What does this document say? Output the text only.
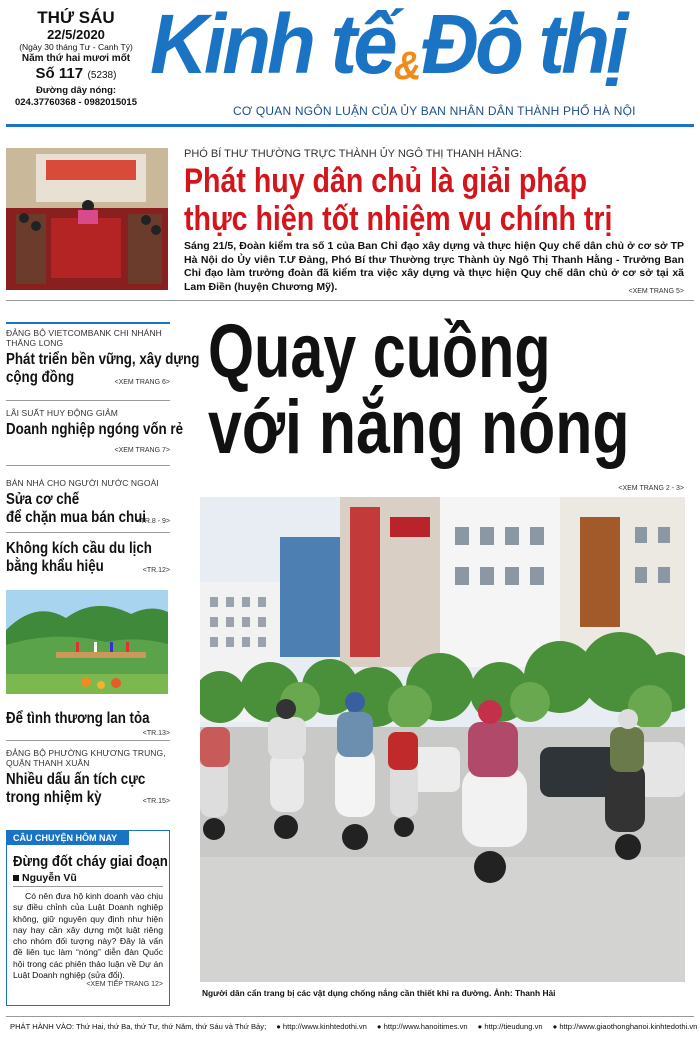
THỨ SÁU
22/5/2020
(Ngày 30 tháng Tư - Canh Tý)
Năm thứ hai mươi mốt
Số 117 (5238)
Đường dây nóng:
024.37760368 - 0982015015
Kinh tế&Đô thị
CƠ QUAN NGÔN LUẬN CỦA ỦY BAN NHÂN DÂN THÀNH PHỐ HÀ NỘI
PHÓ BÍ THƯ THƯỜNG TRỰC THÀNH ỦY NGÔ THỊ THANH HẰNG:
Phát huy dân chủ là giải pháp
thực hiện tốt nhiệm vụ chính trị
Sáng 21/5, Đoàn kiểm tra số 1 của Ban Chỉ đạo xây dựng và thực hiện Quy chế dân chủ ở cơ sở TP Hà Nội do Ủy viên T.Ư Đảng, Phó Bí thư Thường trực Thành ủy Ngô Thị Thanh Hằng - Trưởng Ban Chỉ đạo làm trưởng đoàn đã kiểm tra việc xây dựng và thực hiện Quy chế dân chủ ở cơ sở tại xã Lam Điền (huyện Chương Mỹ).	<XEM TRANG 5>
ĐẢNG BỘ VIETCOMBANK CHI NHÁNH THĂNG LONG
Phát triển bền vững, xây dựng
cộng đồng	<XEM TRANG 6>
LÃI SUẤT HUY ĐỘNG GIẢM
Doanh nghiệp ngóng vốn rẻ
<XEM TRANG 7>
BÁN NHÀ CHO NGƯỜI NƯỚC NGOÀI
Sửa cơ chế
để chặn mua bán chui
<TR.8 - 9>
Không kích cầu du lịch
bằng khẩu hiệu	<TR.12>
Để tình thương lan tỏa
<TR.13>
ĐẢNG BỘ PHƯỜNG KHƯƠNG TRUNG, QUẬN THANH XUÂN
Nhiều dấu ấn tích cực
trong nhiệm kỳ	<TR.15>
CÂU CHUYỆN HÔM NAY
Đừng đốt cháy giai đoạn
Nguyễn Vũ
Có nên đưa hộ kinh doanh vào chịu sự điều chỉnh của Luật Doanh nghiệp không, giữ nguyên quy định như hiện nay hay cần xây dựng một luật riêng cho nhóm đối tượng này? Đây là vấn đề liên tục làm “nóng” diễn đàn Quốc hội trong các phiên thảo luận về Dự án Luật Doanh nghiệp (sửa đổi).
<XEM TIẾP TRANG 12>
Quay cuồng
với nắng nóng
<XEM TRANG 2 - 3>
Người dân cẩn trang bị các vật dụng chống nắng cần thiết khi ra đường. Ảnh: Thanh Hải
PHÁT HÀNH VÀO: Thứ Hai, thứ Ba, thứ Tư, thứ Năm, thứ Sáu và Thứ Bảy; ● http://www.kinhtedothi.vn ● http://www.hanoitimes.vn ● http://tieudung.vn ● http://www.giaothonghanoi.kinhtedothi.vn
